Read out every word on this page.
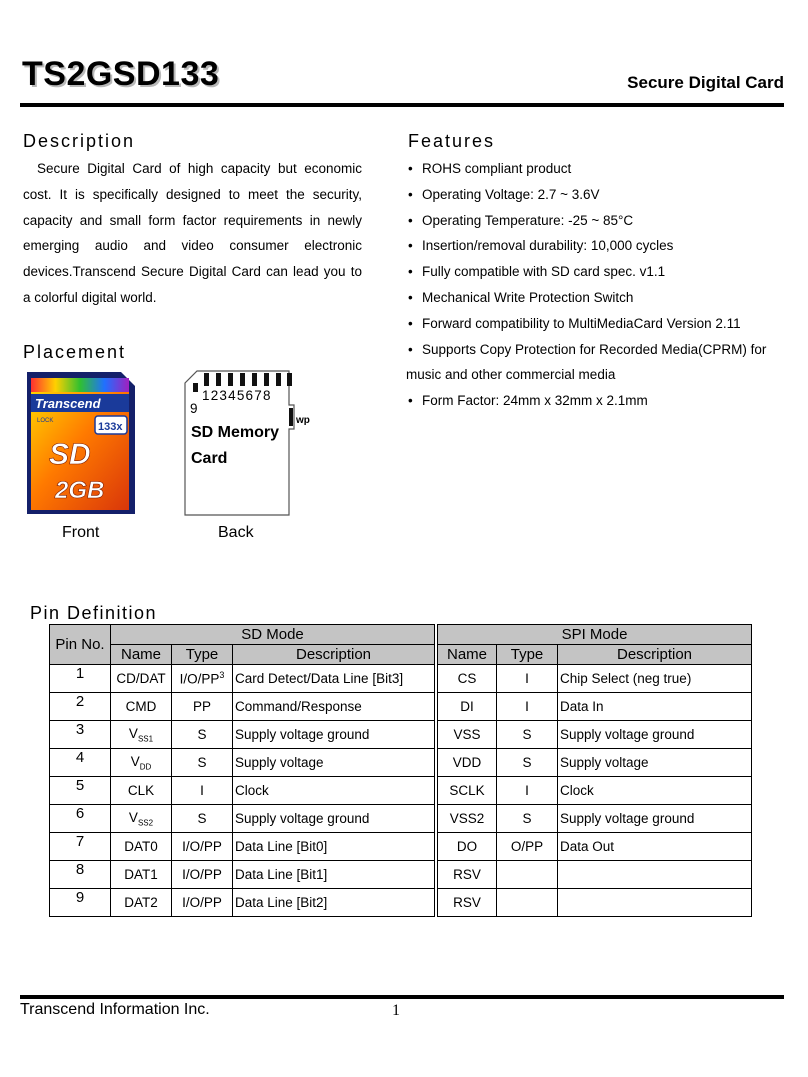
TS2GSD133	Secure Digital Card
Description
Secure Digital Card of high capacity but economic cost. It is specifically designed to meet the security, capacity and small form factor requirements in newly emerging audio and video consumer electronic devices.Transcend Secure Digital Card can lead you to a colorful digital world.
Features
• ROHS compliant product
• Operating Voltage: 2.7 ~ 3.6V
• Operating Temperature: -25 ~ 85°C
• Insertion/removal durability: 10,000 cycles
• Fully compatible with SD card spec. v1.1
• Mechanical Write Protection Switch
• Forward compatibility to MultiMediaCard Version 2.11
• Supports Copy Protection for Recorded Media(CPRM) for music and other commercial media
• Form Factor: 24mm x 32mm x 2.1mm
Placement
Transcend
LOCK	133x
SD
2GB
12345678
9
wp
SD Memory
Card
Front	Back
Pin Definition
Pin No.	SD Mode				SPI Mode		
	Name	Type	Description		Name	Type	Description
1	CD/DAT	$I/O/PP^3$	Card Detect/Data Line [Bit3]		CS	I	Chip Select (neg true)
2	CMD	PP	Command/Response		DI	I	Data In
3	$V_{SS1}$	S	Supply voltage ground		VSS	S	Supply voltage ground
4	$V_{DD}$	S	Supply voltage		VDD	S	Supply voltage
5	CLK	I	Clock		SCLK	I	Clock
6	$V_{SS2}$	S	Supply voltage ground		VSS2	S	Supply voltage ground
7	DAT0	I/O/PP	Data Line [Bit0]		DO	O/PP	Data Out
8	DAT1	I/O/PP	Data Line [Bit1]		RSV		
9	DAT2	I/O/PP	Data Line [Bit2]		RSV		
Transcend Information Inc.	1
